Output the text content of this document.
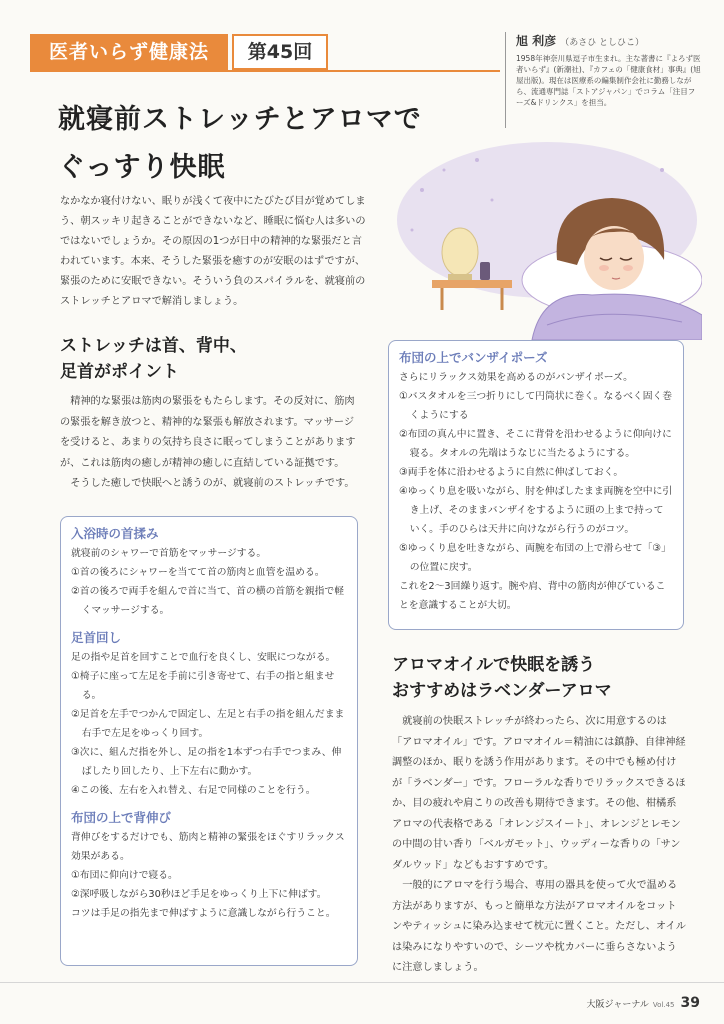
医者いらず健康法	第45回	旭 利彦 （あさひ としひこ）
1958年神奈川県逗子市生まれ。主な著書に『よろず医者いらず』(新潮社)、『カフェの「健康食材」事典』(旭屋出版)。現在は医療系の編集制作会社に勤務しながら、流通専門誌「ストアジャパン」でコラム「注目フーズ&ドリンクス」を担当。
就寝前ストレッチとアロマで
ぐっすり快眠
なかなか寝付けない、眠りが浅くて夜中にたびたび目が覚めてしまう、朝スッキリ起きることができないなど、睡眠に悩む人は多いのではないでしょうか。その原因の1つが日中の精神的な緊張だと言われています。本来、そうした緊張を癒すのが安眠のはずですが、緊張のために安眠できない。そういう負のスパイラルを、就寝前のストレッチとアロマで解消しましょう。
ストレッチは首、背中、
足首がポイント

精神的な緊張は筋肉の緊張をもたらします。その反対に、筋肉の緊張を解き放つと、精神的な緊張も解放されます。マッサージを受けると、あまりの気持ち良さに眠ってしまうことがありますが、これは筋肉の癒しが精神の癒しに直結している証拠です。

そうした癒しで快眠へと誘うのが、就寝前のストレッチです。

入浴時の首揉み
就寝前のシャワーで首筋をマッサージする。
①首の後ろにシャワーを当てて首の筋肉と血管を温める。
②首の後ろで両手を組んで首に当て、首の横の首筋を親指で軽くマッサージする。
足首回し
足の指や足首を回すことで血行を良くし、安眠につながる。
①椅子に座って左足を手前に引き寄せて、右手の指と組ませる。
②足首を左手でつかんで固定し、左足と右手の指を組んだまま右手で左足をゆっくり回す。
③次に、組んだ指を外し、足の指を1本ずつ右手でつまみ、伸ばしたり回したり、上下左右に動かす。
④この後、左右を入れ替え、右足で同様のことを行う。
布団の上で背伸び
背伸びをするだけでも、筋肉と精神の緊張をほぐすリラックス効果がある。
①布団に仰向けで寝る。
②深呼吸しながら30秒ほど手足をゆっくり上下に伸ばす。
コツは手足の指先まで伸ばすように意識しながら行うこと。
布団の上でバンザイポーズ
さらにリラックス効果を高めるのがバンザイポーズ。
①バスタオルを三つ折りにして円筒状に巻く。なるべく固く巻くようにする
②布団の真ん中に置き、そこに背骨を沿わせるように仰向けに寝る。タオルの先端はうなじに当たるようにする。
③両手を体に沿わせるように自然に伸ばしておく。
④ゆっくり息を吸いながら、肘を伸ばしたまま両腕を空中に引き上げ、そのままバンザイをするように頭の上まで持っていく。手のひらは天井に向けながら行うのがコツ。
⑤ゆっくり息を吐きながら、両腕を布団の上で滑らせて「③」の位置に戻す。
これを2～3回繰り返す。腕や肩、背中の筋肉が伸びていることを意識することが大切。
アロマオイルで快眠を誘う
おすすめはラベンダーアロマ

就寝前の快眠ストレッチが終わったら、次に用意するのは「アロマオイル」です。アロマオイル＝精油には鎮静、自律神経調整のほか、眠りを誘う作用があります。その中でも極め付けが「ラベンダー」です。フローラルな香りでリラックスできるほか、目の疲れや肩こりの改善も期待できます。その他、柑橘系アロマの代表格である「オレンジスイート」、オレンジとレモンの中間の甘い香り「ベルガモット」、ウッディーな香りの「サンダルウッド」などもおすすめです。

一般的にアロマを行う場合、専用の器具を使って火で温める方法がありますが、もっと簡単な方法がアロマオイルをコットンやティッシュに染み込ませて枕元に置くこと。ただし、オイルは染みになりやすいので、シーツや枕カバーに垂らさないように注意しましょう。

大阪ジャーナル Vol.45 39
